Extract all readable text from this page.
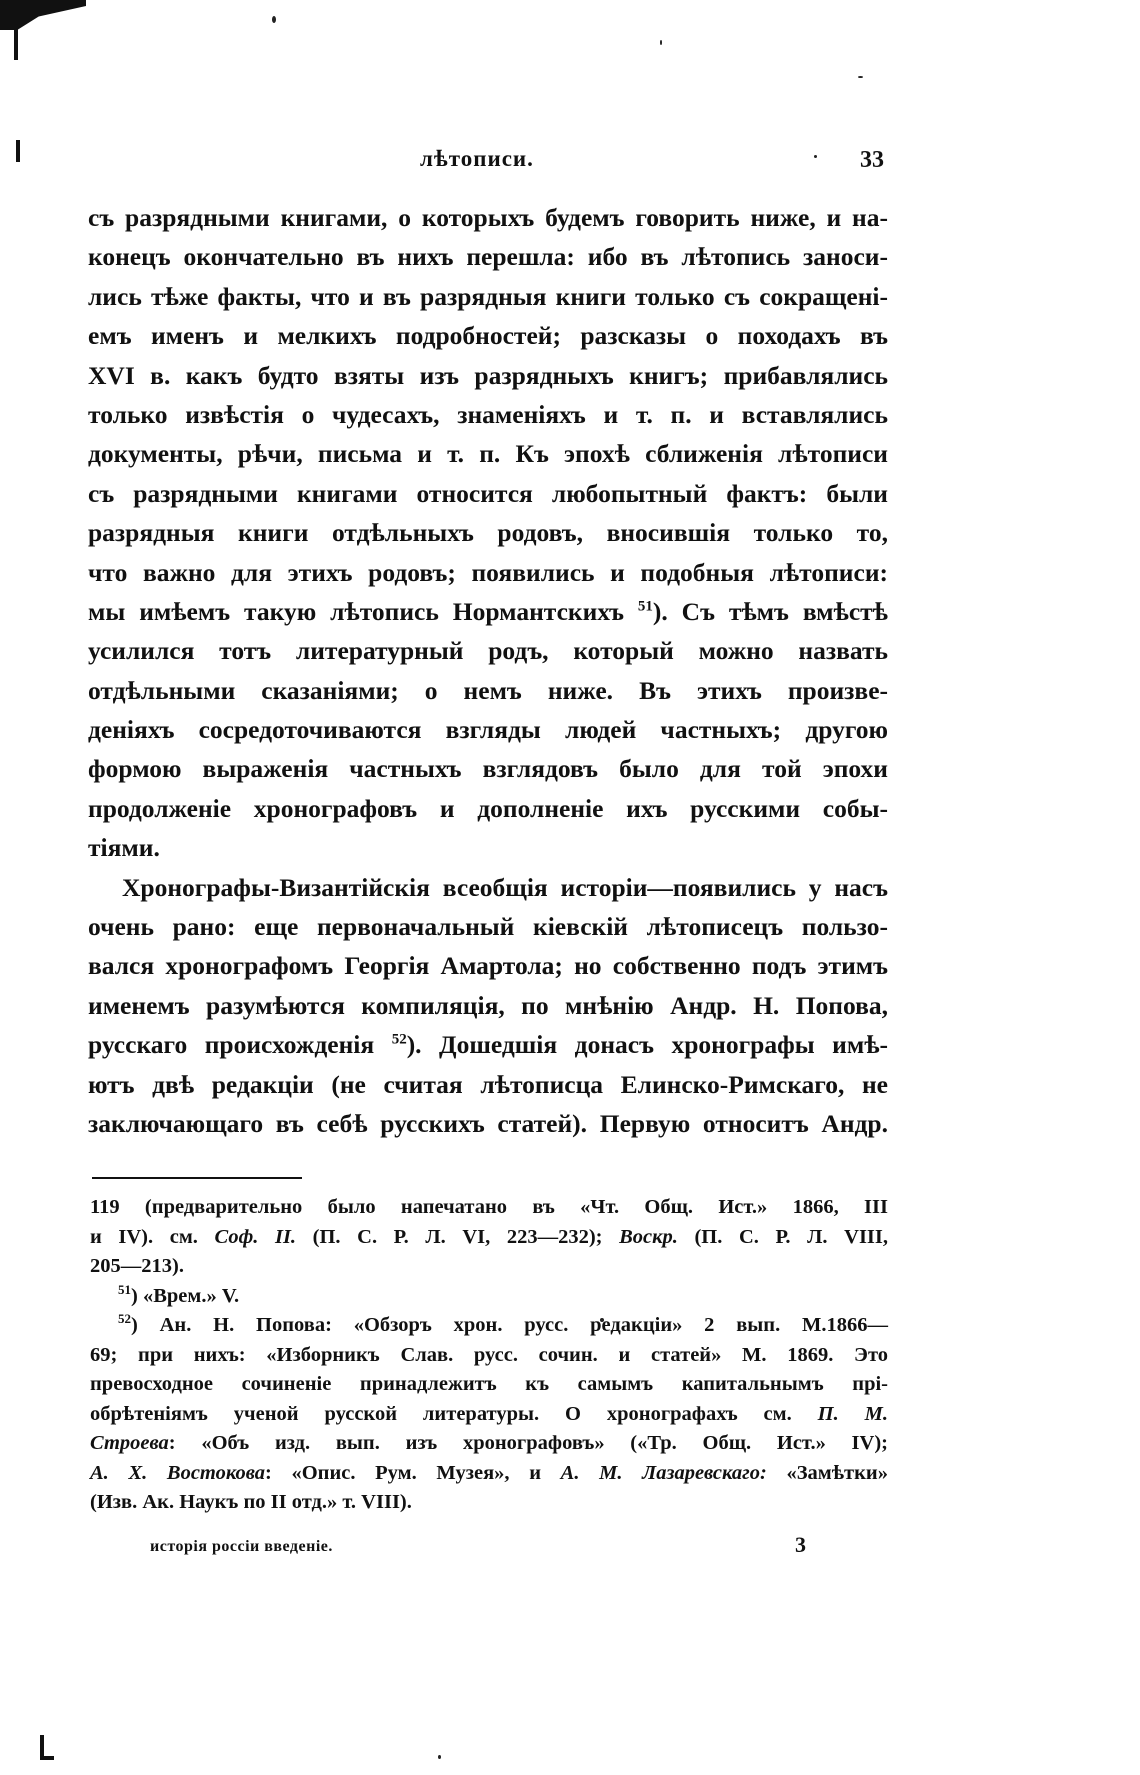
лѣтописи.	33
съ разрядными книгами, о которыхъ будемъ говорить ниже, и на-
конецъ окончательно въ нихъ перешла: ибо въ лѣтопись заноси-
лись тѣже факты, что и въ разрядныя книги только съ сокращені-
емъ именъ и мелкихъ подробностей; разсказы о походахъ въ
XVI в. какъ будто взяты изъ разрядныхъ книгъ; прибавлялись
только извѣстія о чудесахъ, знаменіяхъ и т. п. и вставлялись
документы, рѣчи, письма и т. п. Къ эпохѣ сближенія лѣтописи
съ разрядными книгами относится любопытный фактъ: были
разрядныя книги отдѣльныхъ родовъ, вносившія только то,
что важно для этихъ родовъ; появились и подобныя лѣтописи:
мы имѣемъ такую лѣтопись Нормантскихъ $^{51}$). Съ тѣмъ вмѣстѣ
усилился тотъ литературный родъ, который можно назвать
отдѣльными сказаніями; о немъ ниже. Въ этихъ произве-
деніяхъ сосредоточиваются взгляды людей частныхъ; другою
формою выраженія частныхъ взглядовъ было для той эпохи
продолженіе хронографовъ и дополненіе ихъ русскими собы-
тіями.
Хронографы-Византійскія всеобщія исторіи—появились у насъ
очень рано: еще первоначальный кіевскій лѣтописецъ пользо-
вался хронографомъ Георгія Амартола; но собственно подъ этимъ
именемъ разумѣются компиляція, по мнѣнію Андр. Н. Попова,
русскаго происхожденія $^{52}$). Дошедшія донасъ хронографы имѣ-
ютъ двѣ редакціи (не считая лѣтописца Елинско-Римскаго, не
заключающаго въ себѣ русскихъ статей). Первую относитъ Андр.
119 (предварительно было напечатано въ «Чт. Общ. Ист.» 1866, III
и IV). см. Соф. II. (П. С. Р. Л. VI, 223—232); Воскр. (П. С. Р. Л. VIII,
205—213).
$^{51}$) «Врем.» V.
$^{52}$) Ан. Н. Попова: «Обзоръ хрон. русс. редакціи» 2 вып. М.1866—
69; при нихъ: «Изборникъ Слав. русс. сочин. и статей» М. 1869. Это
превосходное сочиненіе принадлежитъ къ самымъ капитальнымъ прі-
обрѣтеніямъ ученой русской литературы. О хронографахъ см. П. М.
Строева: «Объ изд. вып. изъ хронографовъ» («Тр. Общ. Ист.» IV);
А. Х. Востокова: «Опис. Рум. Музея», и А. М. Лазаревскаго: «Замѣтки»
(Изв. Ак. Наукъ по II отд.» т. VIII).
исторія россіи введеніе.	3
